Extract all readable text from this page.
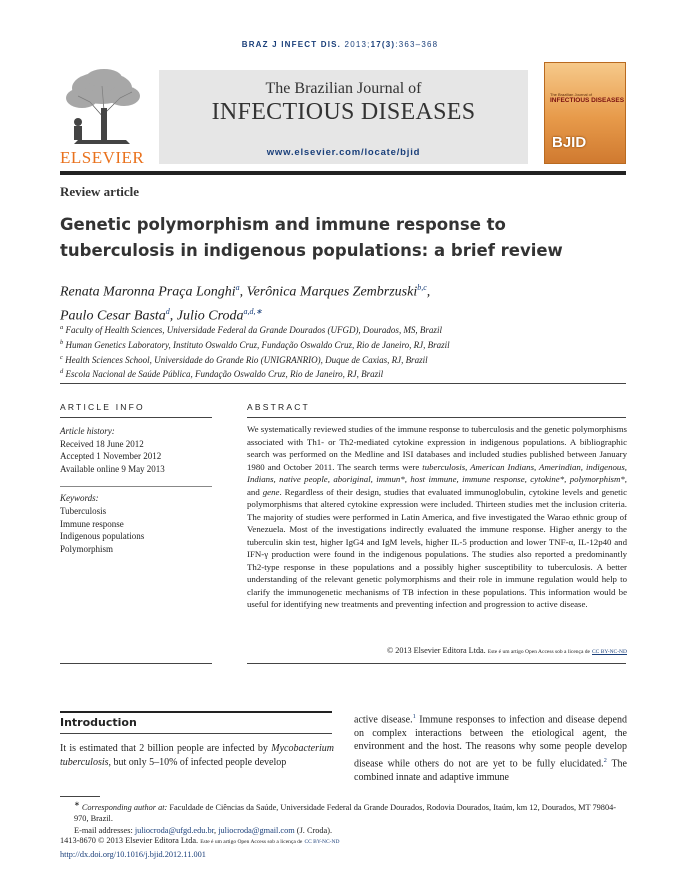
BRAZ J INFECT DIS. 2013;17(3):363–368
ELSEVIER
The Brazilian Journal of
INFECTIOUS DISEASES
www.elsevier.com/locate/bjid
The Brazilian Journal of
INFECTIOUS DISEASES
BJID
Review article
Genetic polymorphism and immune response to
tuberculosis in indigenous populations: a brief review
Renata Maronna Praça Longhi$^a$, Verônica Marques Zembrzuski$^{b,c}$,
Paulo Cesar Basta$^d$, Julio Croda$^{a,d,∗}$
$^a$ Faculty of Health Sciences, Universidade Federal da Grande Dourados (UFGD), Dourados, MS, Brazil
$^b$ Human Genetics Laboratory, Instituto Oswaldo Cruz, Fundação Oswaldo Cruz, Rio de Janeiro, RJ, Brazil
$^c$ Health Sciences School, Universidade do Grande Rio (UNIGRANRIO), Duque de Caxias, RJ, Brazil
$^d$ Escola Nacional de Saúde Pública, Fundação Oswaldo Cruz, Rio de Janeiro, RJ, Brazil
ARTICLE INFO
Article history:
Received 18 June 2012
Accepted 1 November 2012
Available online 9 May 2013
Keywords:
Tuberculosis
Immune response
Indigenous populations
Polymorphism
ABSTRACT
We systematically reviewed studies of the immune response to tuberculosis and the genetic polymorphisms associated with Th1- or Th2-mediated cytokine expression in indigenous populations. A bibliographic search was performed on the Medline and ISI databases and included studies published between January 1980 and October 2011. The search terms were tuberculosis, American Indians, Amerindian, indigenous, Indians, native people, aboriginal, immun*, host immune, immune response, cytokine*, polymorphism*, and gene. Regardless of their design, studies that evaluated immunoglobulin, cytokine levels and genetic polymorphisms that altered cytokine expression were included. Thirteen studies met the inclusion criteria. The majority of studies were performed in Latin America, and five investigated the Warao ethnic group of Venezuela. Most of the investigations indirectly evaluated the immune response. Higher anergy to the tuberculin skin test, higher IgG4 and IgM levels, higher IL-5 production and lower TNF-α, IL-12p40 and IFN-γ production were found in the indigenous populations. The studies also reported a predominantly Th2-type response in these populations and a possibly higher susceptibility to tuberculosis. A better understanding of the relevant genetic polymorphisms and their role in immune regulation would help to clarify the immunogenetic mechanisms of TB infection in these populations. This information would be useful for identifying new treatments and preventing infection and progression to active disease.
© 2013 Elsevier Editora Ltda. Este é um artigo Open Access sob a licença de CC BY-NC-ND
Introduction
It is estimated that 2 billion people are infected by Mycobacterium tuberculosis, but only 5–10% of infected people develop
active disease.$^1$ Immune responses to infection and disease depend on complex interactions between the etiological agent, the environment and the host. The reasons why some people develop disease while others do not are yet to be fully elucidated.$^2$ The combined innate and adaptive immune
∗ Corresponding author at: Faculdade de Ciências da Saúde, Universidade Federal da Grande Dourados, Rodovia Dourados, Itaúm, km 12, Dourados, MT 79804-970, Brazil.
E-mail addresses: juliocroda@ufgd.edu.br, juliocroda@gmail.com (J. Croda).
1413-8670 © 2013 Elsevier Editora Ltda. Este é um artigo Open Access sob a licença de CC BY-NC-ND
http://dx.doi.org/10.1016/j.bjid.2012.11.001
